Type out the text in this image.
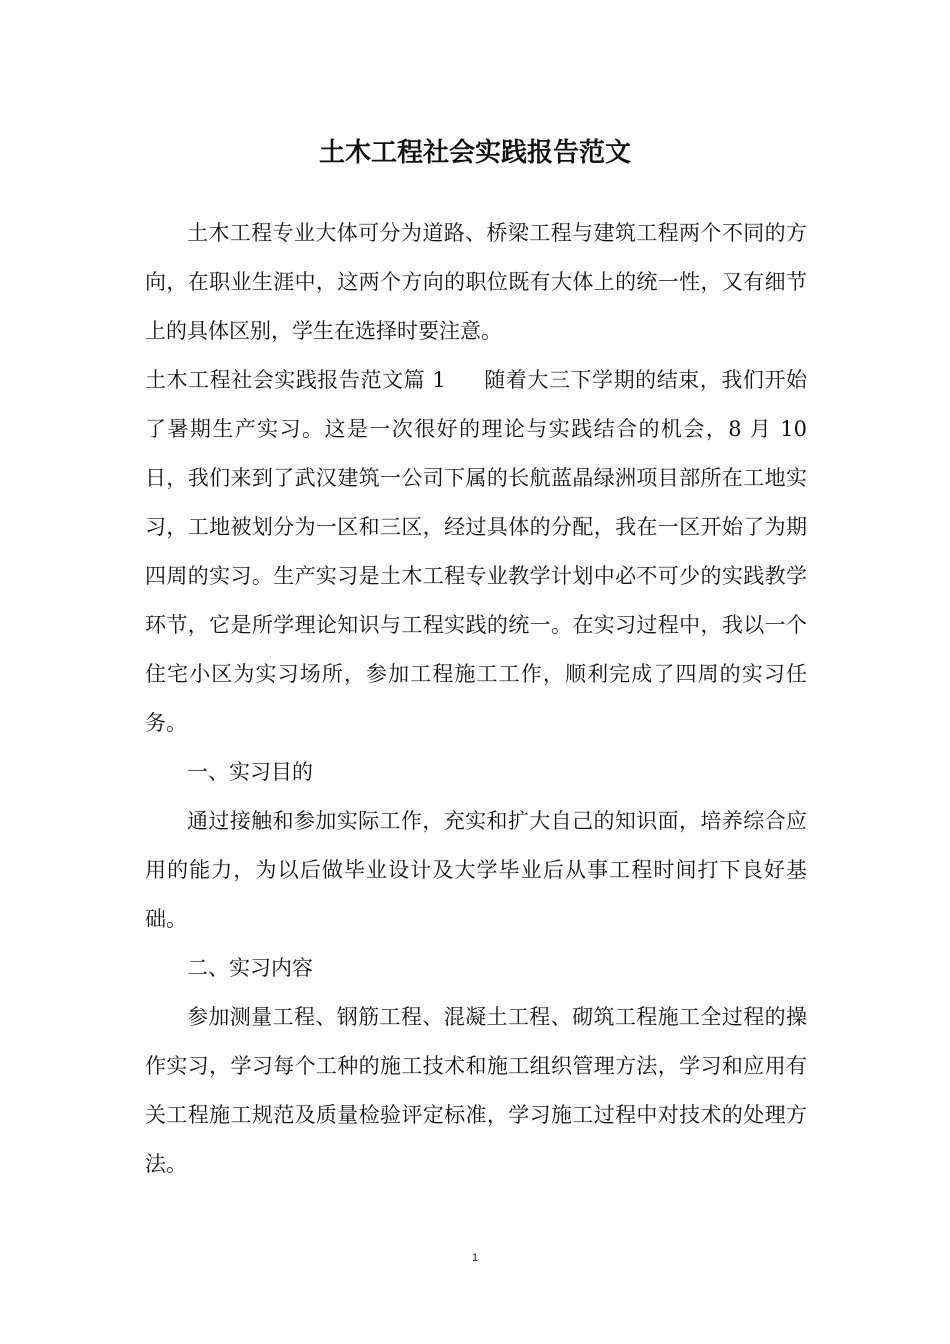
土木工程社会实践报告范文

土木工程专业大体可分为道路、桥梁工程与建筑工程两个不同的方向，在职业生涯中，这两个方向的职位既有大体上的统一性，又有细节上的具体区别，学生在选择时要注意。

土木工程社会实践报告范文篇 1 随着大三下学期的结束，我们开始了暑期生产实习。这是一次很好的理论与实践结合的机会，8 月 10 日，我们来到了武汉建筑一公司下属的长航蓝晶绿洲项目部所在工地实习，工地被划分为一区和三区，经过具体的分配，我在一区开始了为期四周的实习。生产实习是土木工程专业教学计划中必不可少的实践教学环节，它是所学理论知识与工程实践的统一。在实习过程中，我以一个住宅小区为实习场所，参加工程施工工作，顺利完成了四周的实习任务。

一、实习目的

通过接触和参加实际工作，充实和扩大自己的知识面，培养综合应用的能力，为以后做毕业设计及大学毕业后从事工程时间打下良好基础。

二、实习内容

参加测量工程、钢筋工程、混凝土工程、砌筑工程施工全过程的操作实习，学习每个工种的施工技术和施工组织管理方法，学习和应用有关工程施工规范及质量检验评定标准，学习施工过程中对技术的处理方法。

1
